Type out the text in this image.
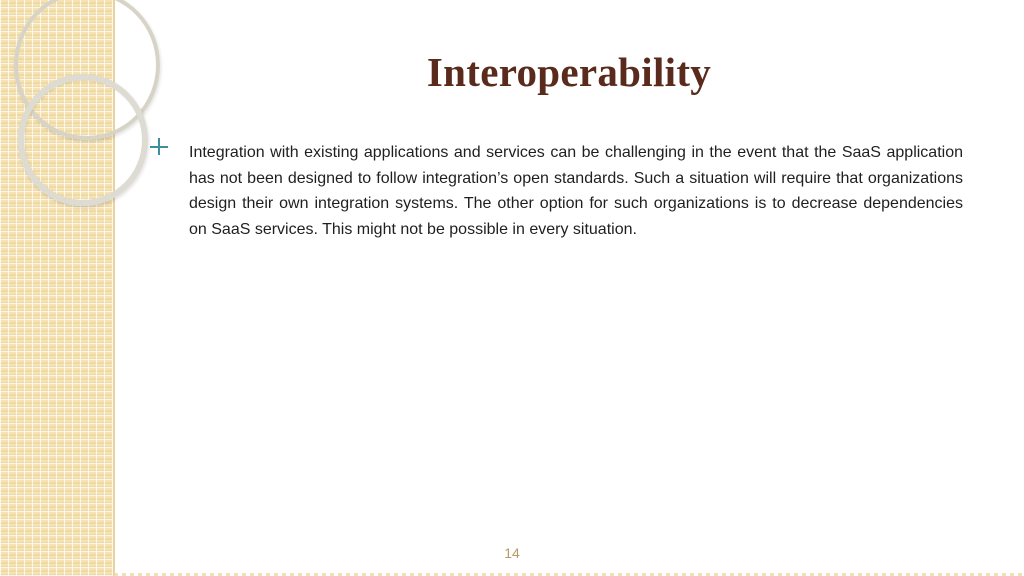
Interoperability

Integration with existing applications and services can be challenging in the event that the SaaS application has not been designed to follow integration’s open standards. Such a situation will require that organizations design their own integration systems. The other option for such organizations is to decrease dependencies on SaaS services. This might not be possible in every situation.

14
